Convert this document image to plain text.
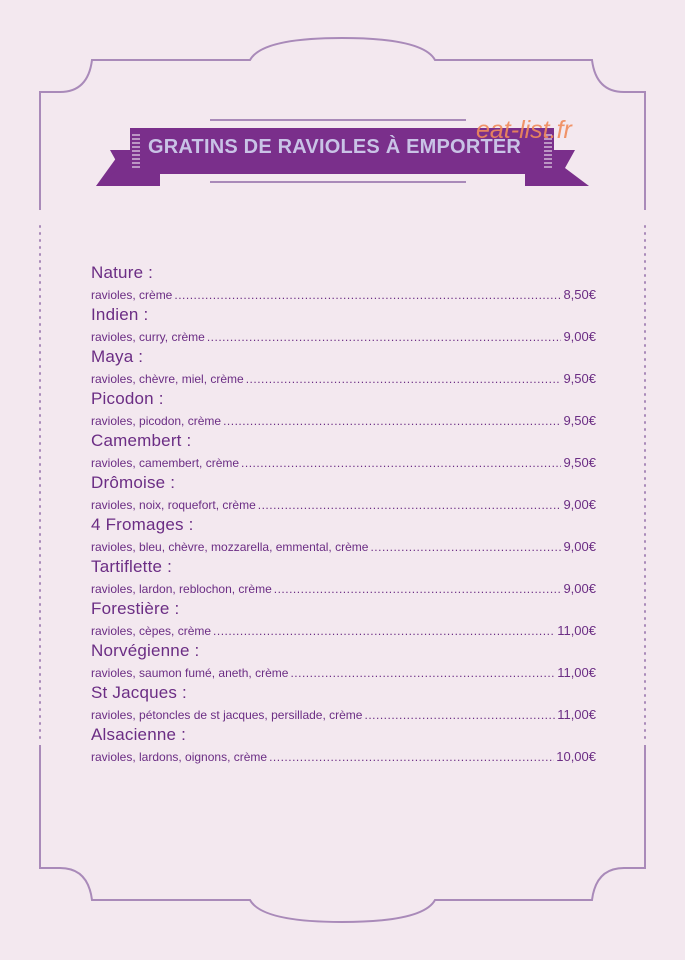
GRATINS DE RAVIOLES À EMPORTER
eat-list.fr
Nature :
ravioles, crème .....	8,50€
Indien :
ravioles, curry, crème .....	9,00€
Maya :
ravioles, chèvre, miel, crème .....	9,50€
Picodon :
ravioles, picodon, crème .....	9,50€
Camembert :
ravioles, camembert, crème .....	9,50€
Drômoise :
ravioles, noix, roquefort, crème .....	9,00€
4 Fromages :
ravioles, bleu, chèvre, mozzarella, emmental, crème .....	9,00€
Tartiflette :
ravioles, lardon, reblochon, crème .....	9,00€
Forestière :
ravioles, cèpes, crème .....	11,00€
Norvégienne :
ravioles, saumon fumé, aneth, crème .....	11,00€
St Jacques :
ravioles, pétoncles de st jacques, persillade, crème .....	11,00€
Alsacienne :
ravioles, lardons, oignons, crème .....	10,00€
